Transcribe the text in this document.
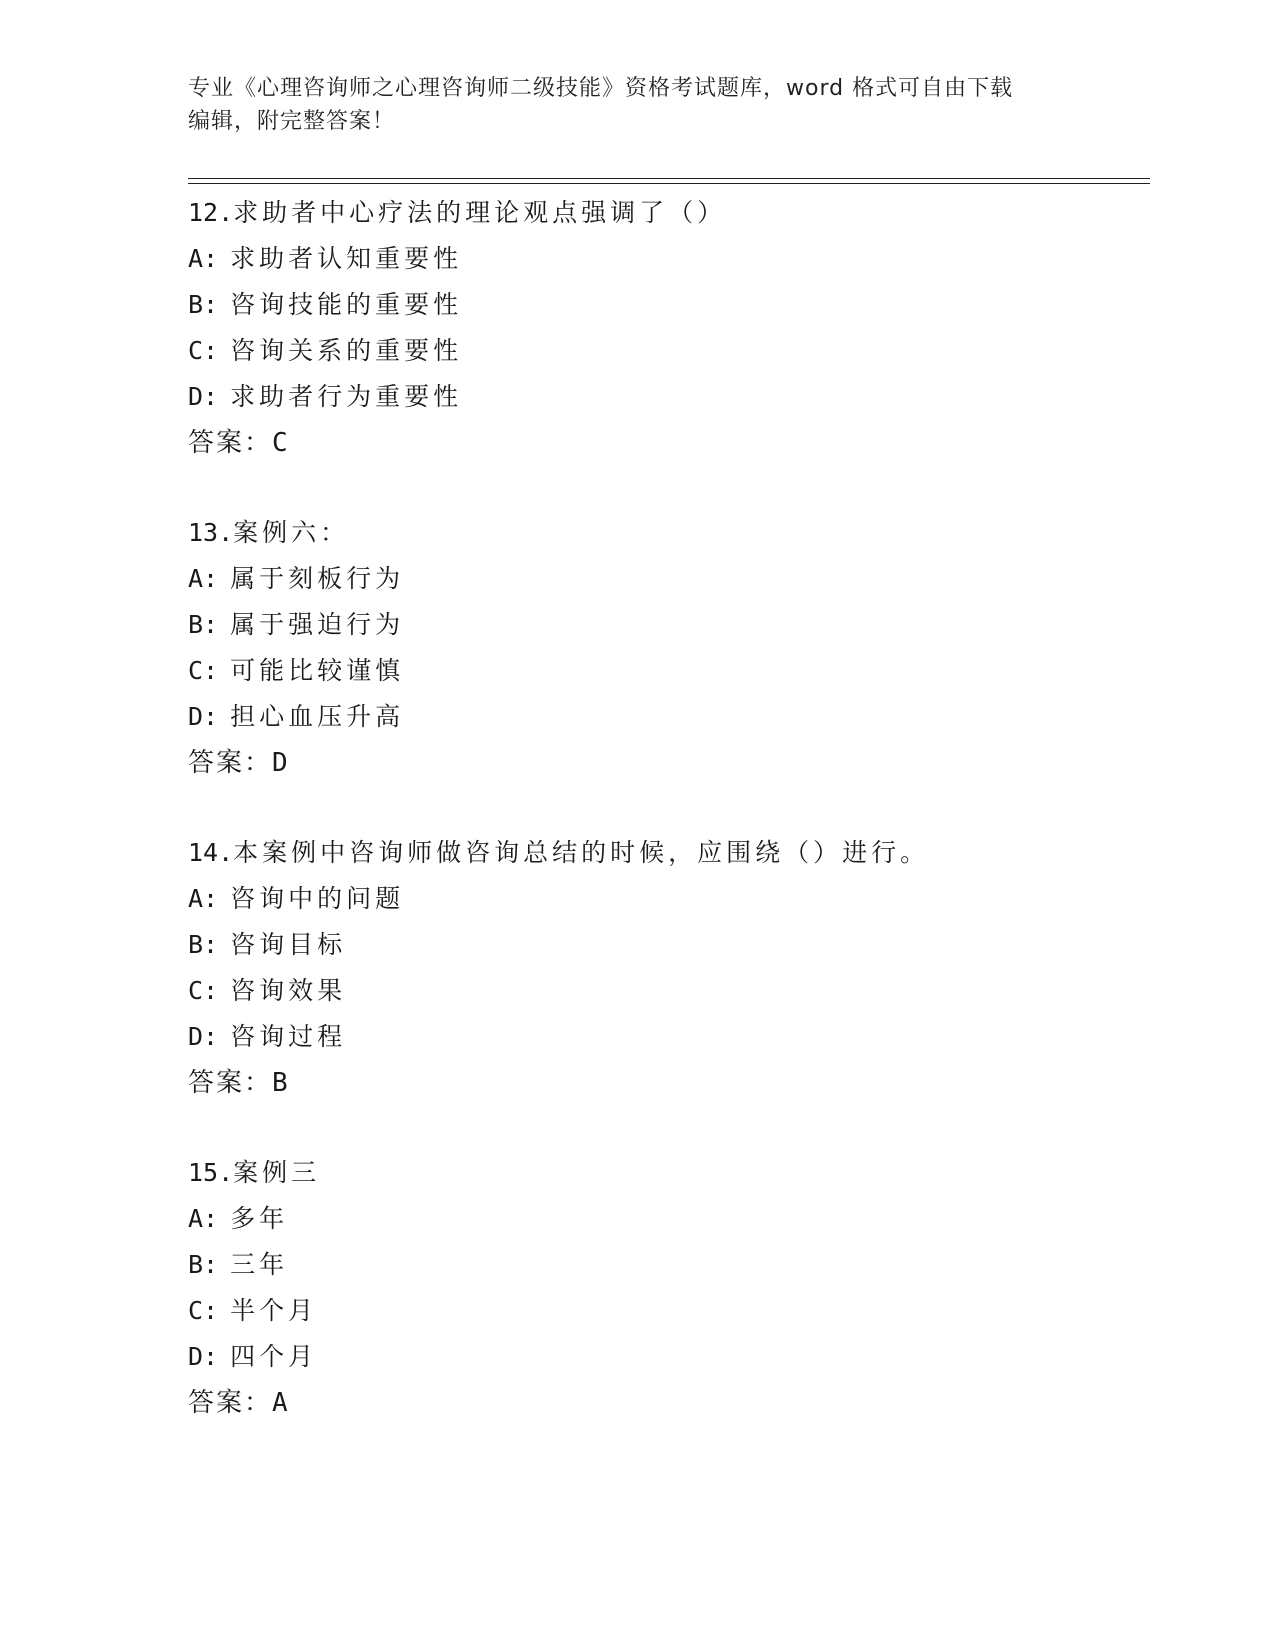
专业《心理咨询师之心理咨询师二级技能》资格考试题库，word 格式可自由下载
编辑，附完整答案！
12.求助者中心疗法的理论观点强调了（）
A: 求助者认知重要性
B: 咨询技能的重要性
C: 咨询关系的重要性
D: 求助者行为重要性
答案：C
13.案例六：
A: 属于刻板行为
B: 属于强迫行为
C: 可能比较谨慎
D: 担心血压升高
答案：D
14.本案例中咨询师做咨询总结的时候，应围绕（）进行。
A: 咨询中的问题
B: 咨询目标
C: 咨询效果
D: 咨询过程
答案：B
15.案例三
A: 多年
B: 三年
C: 半个月
D: 四个月
答案：A
